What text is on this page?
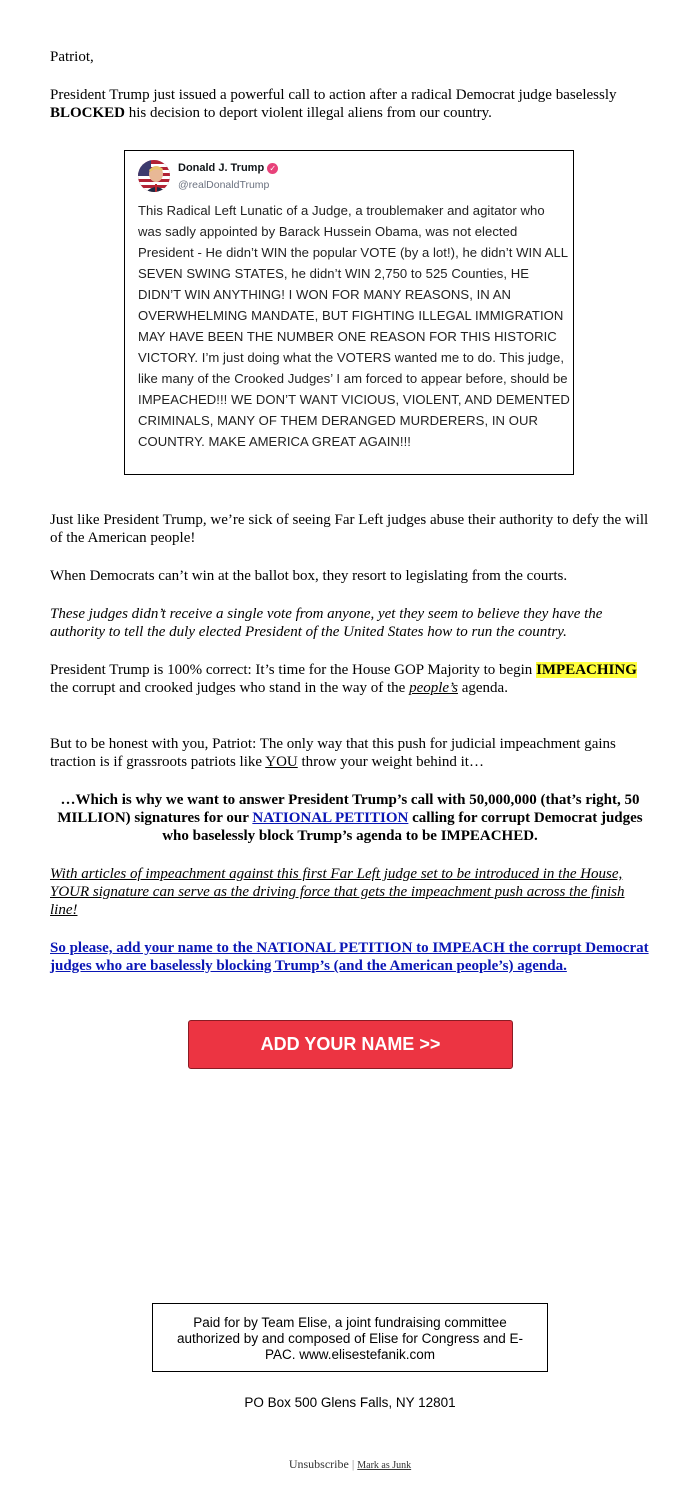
Patriot,

President Trump just issued a powerful call to action after a radical Democrat judge baselessly BLOCKED his decision to deport violent illegal aliens from our country.

Just like President Trump, we’re sick of seeing Far Left judges abuse their authority to defy the will of the American people!

When Democrats can’t win at the ballot box, they resort to legislating from the courts.

These judges didn’t receive a single vote from anyone, yet they seem to believe they have the authority to tell the duly elected President of the United States how to run the country.

President Trump is 100% correct: It’s time for the House GOP Majority to begin IMPEACHING the corrupt and crooked judges who stand in the way of the people’s agenda.

But to be honest with you, Patriot: The only way that this push for judicial impeachment gains traction is if grassroots patriots like YOU throw your weight behind it…

…Which is why we want to answer President Trump’s call with 50,000,000 (that’s right, 50 MILLION) signatures for our NATIONAL PETITION calling for corrupt Democrat judges who baselessly block Trump’s agenda to be IMPEACHED.

With articles of impeachment against this first Far Left judge set to be introduced in the House, YOUR signature can serve as the driving force that gets the impeachment push across the finish line!

So please, add your name to the NATIONAL PETITION to IMPEACH the corrupt Democrat judges who are baselessly blocking Trump’s (and the American people’s) agenda.

Donald J. Trump ✓
@realDonaldTrump
This Radical Left Lunatic of a Judge, a troublemaker and agitator who was sadly appointed by Barack Hussein Obama, was not elected President - He didn’t WIN the popular VOTE (by a lot!), he didn’t WIN ALL SEVEN SWING STATES, he didn’t WIN 2,750 to 525 Counties, HE DIDN’T WIN ANYTHING! I WON FOR MANY REASONS, IN AN OVERWHELMING MANDATE, BUT FIGHTING ILLEGAL IMMIGRATION MAY HAVE BEEN THE NUMBER ONE REASON FOR THIS HISTORIC VICTORY. I’m just doing what the VOTERS wanted me to do. This judge, like many of the Crooked Judges’ I am forced to appear before, should be IMPEACHED!!! WE DON’T WANT VICIOUS, VIOLENT, AND DEMENTED CRIMINALS, MANY OF THEM DERANGED MURDERERS, IN OUR COUNTRY. MAKE AMERICA GREAT AGAIN!!!
ADD YOUR NAME >>
Paid for by Team Elise, a joint fundraising committee authorized by and composed of Elise for Congress and E-PAC. www.elisestefanik.com
PO Box 500 Glens Falls, NY 12801
Unsubscribe | Mark as Junk
